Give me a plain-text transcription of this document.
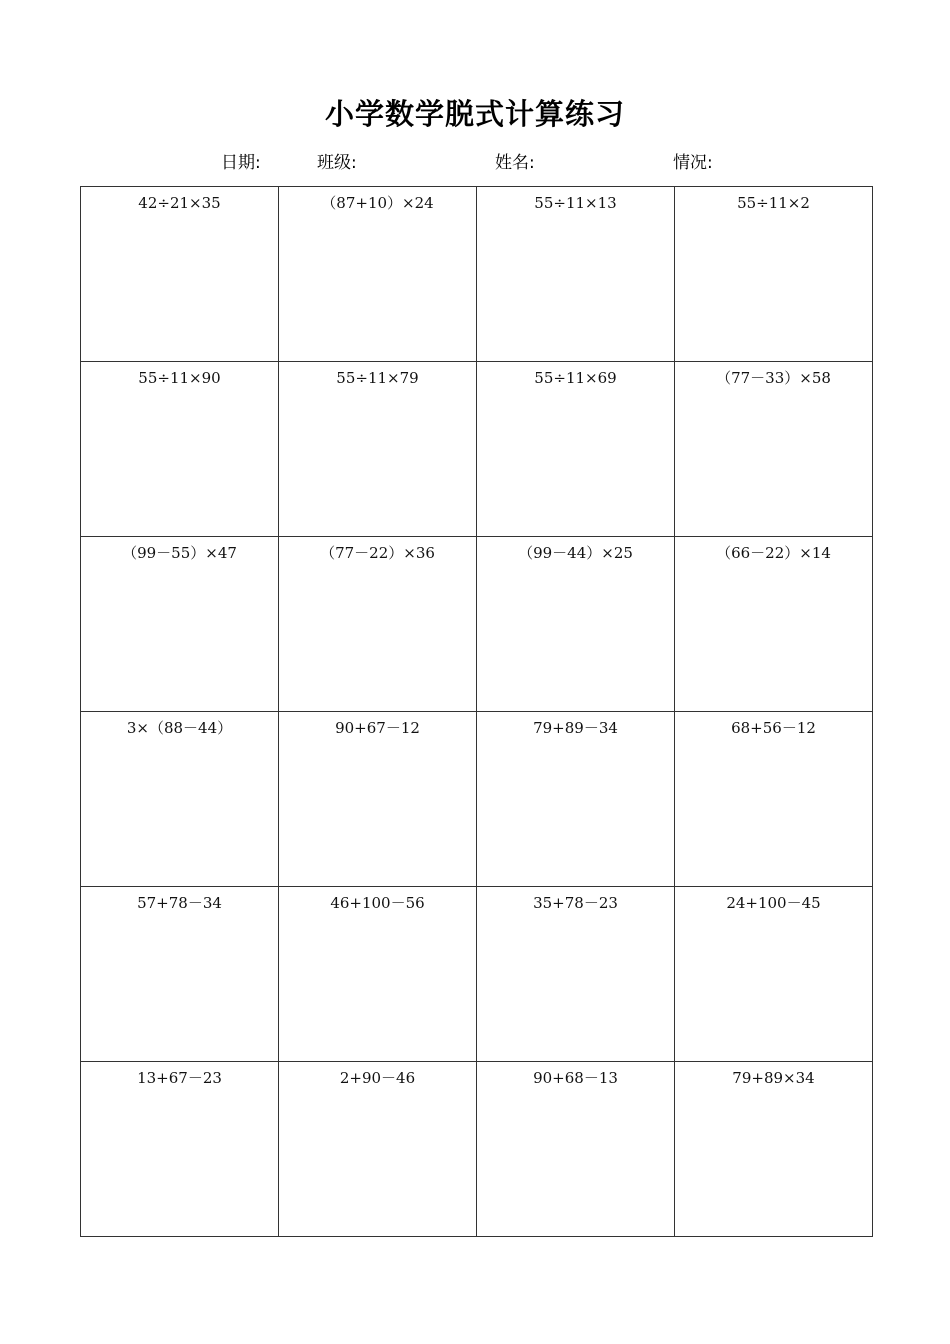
小学数学脱式计算练习
日期:	班级:	姓名:	情况:
42÷21×35	（87+10）×24	55÷11×13	55÷11×2

55÷11×90	55÷11×79	55÷11×69	（77－33）×58

（99－55）×47	（77－22）×36	（99－44）×25	（66－22）×14

3×（88－44）	90+67－12	79+89－34	68+56－12

57+78－34	46+100－56	35+78－23	24+100－45

13+67－23	2+90－46	90+68－13	79+89×34
